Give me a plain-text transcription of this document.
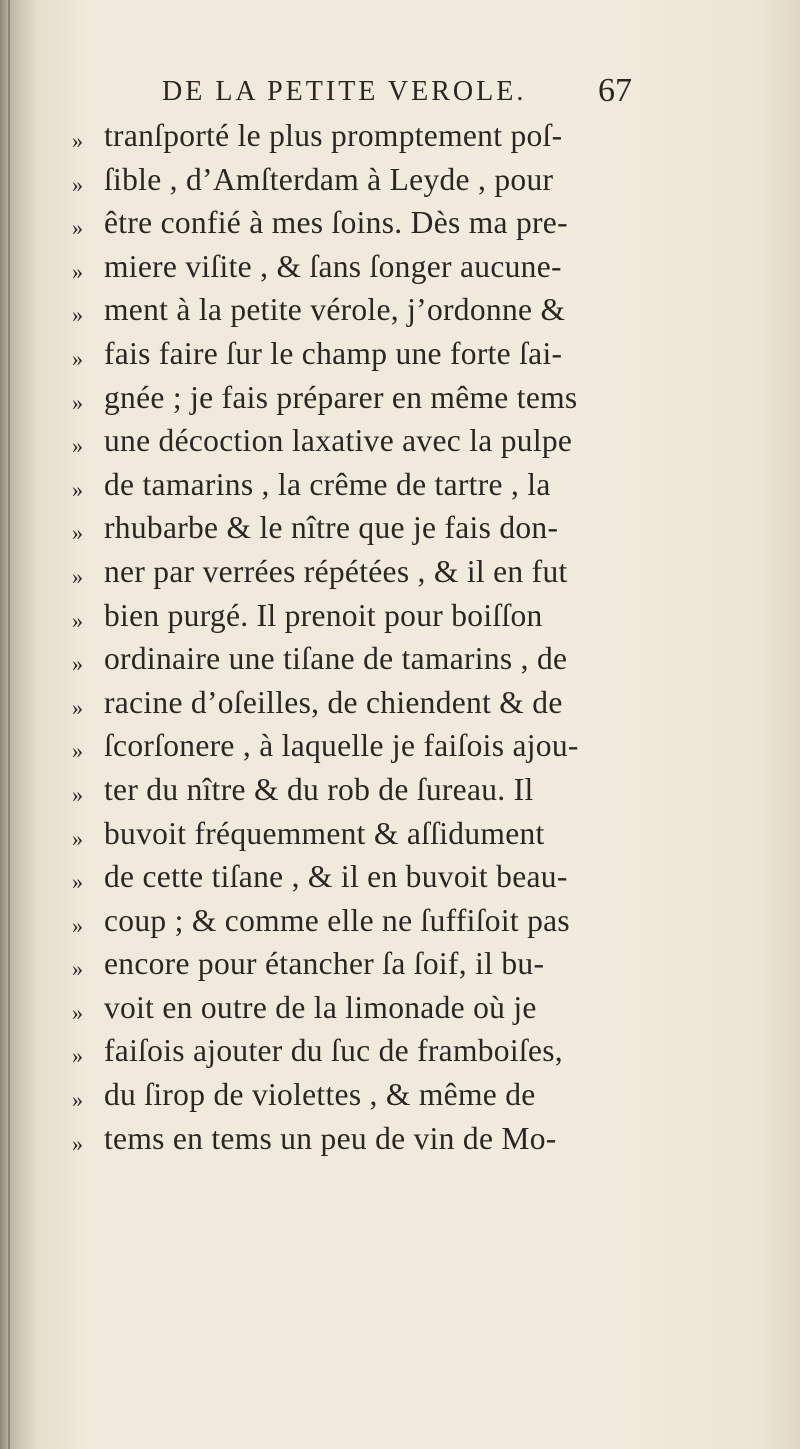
DE LA PETITE VEROLE. 67
» tranſporté le plus promptement poſ-
» ſible , d’Amſterdam à Leyde , pour
» être confié à mes ſoins. Dès ma pre-
» miere viſite , & ſans ſonger aucune-
» ment à la petite vérole, j’ordonne &
» fais faire ſur le champ une forte ſai-
» gnée ; je fais préparer en même tems
» une décoction laxative avec la pulpe
» de tamarins , la crême de tartre , la
» rhubarbe & le nître que je fais don-
» ner par verrées répétées , & il en fut
» bien purgé. Il prenoit pour boiſſon
» ordinaire une tiſane de tamarins , de
» racine d’oſeilles, de chiendent & de
» ſcorſonere , à laquelle je faiſois ajou-
» ter du nître & du rob de ſureau. Il
» buvoit fréquemment & aſſidument
» de cette tiſane , & il en buvoit beau-
» coup ; & comme elle ne ſuffiſoit pas
» encore pour étancher ſa ſoif, il bu-
» voit en outre de la limonade où je
» faiſois ajouter du ſuc de framboiſes,
» du ſirop de violettes , & même de
» tems en tems un peu de vin de Mo-
